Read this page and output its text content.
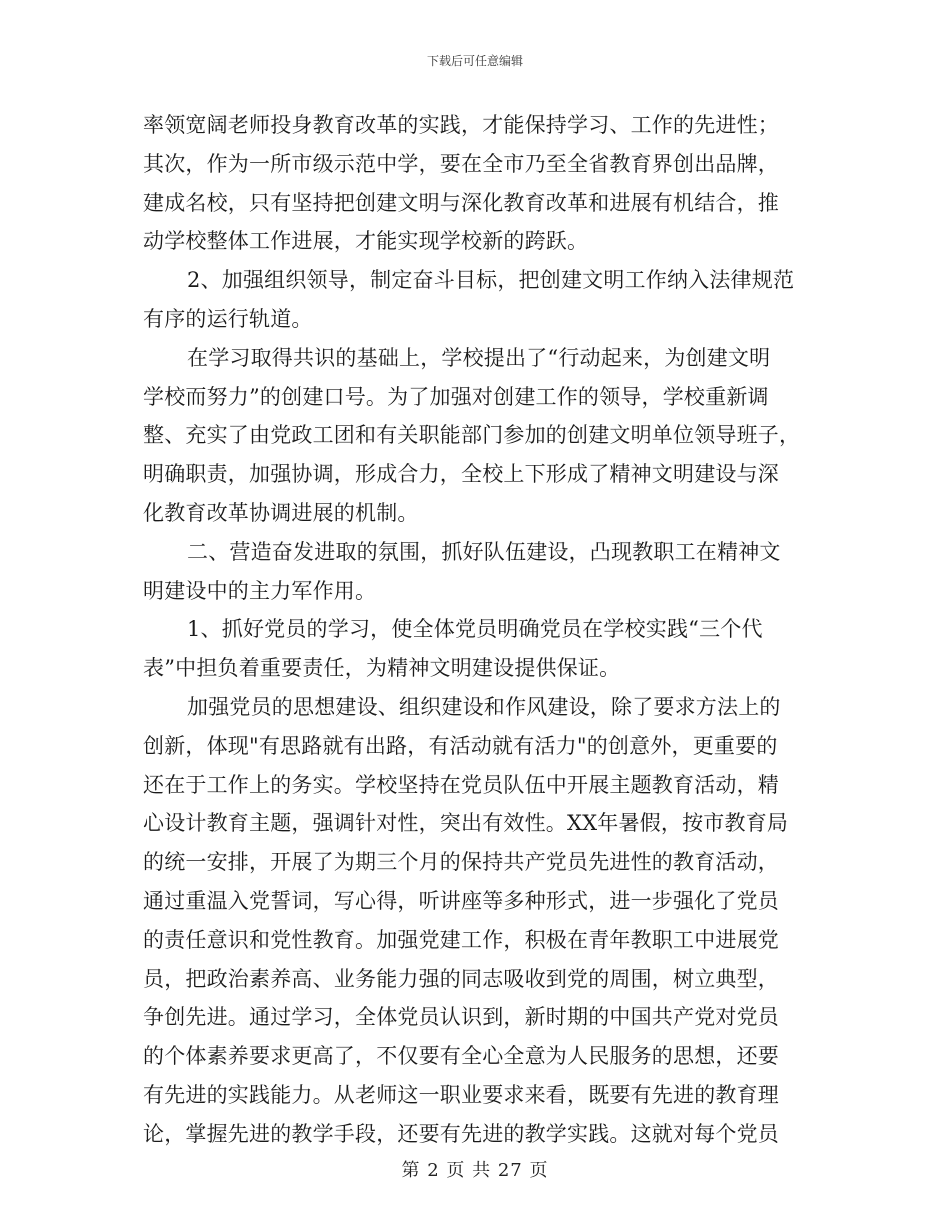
下载后可任意编辑
率领宽阔老师投身教育改革的实践，才能保持学习、工作的先进性；
其次，作为一所市级示范中学，要在全市乃至全省教育界创出品牌，
建成名校，只有坚持把创建文明与深化教育改革和进展有机结合，推
动学校整体工作进展，才能实现学校新的跨跃。
2、加强组织领导，制定奋斗目标，把创建文明工作纳入法律规范
有序的运行轨道。
在学习取得共识的基础上，学校提出了“行动起来，为创建文明
学校而努力”的创建口号。为了加强对创建工作的领导，学校重新调
整、充实了由党政工团和有关职能部门参加的创建文明单位领导班子，
明确职责，加强协调，形成合力，全校上下形成了精神文明建设与深
化教育改革协调进展的机制。
二、营造奋发进取的氛围，抓好队伍建设，凸现教职工在精神文
明建设中的主力军作用。
1、抓好党员的学习，使全体党员明确党员在学校实践“三个代
表”中担负着重要责任，为精神文明建设提供保证。
加强党员的思想建设、组织建设和作风建设，除了要求方法上的
创新，体现"有思路就有出路，有活动就有活力"的创意外，更重要的
还在于工作上的务实。学校坚持在党员队伍中开展主题教育活动，精
心设计教育主题，强调针对性，突出有效性。XX年暑假，按市教育局
的统一安排，开展了为期三个月的保持共产党员先进性的教育活动，
通过重温入党誓词，写心得，听讲座等多种形式，进一步强化了党员
的责任意识和党性教育。加强党建工作，积极在青年教职工中进展党
员，把政治素养高、业务能力强的同志吸收到党的周围，树立典型，
争创先进。通过学习，全体党员认识到，新时期的中国共产党对党员
的个体素养要求更高了，不仅要有全心全意为人民服务的思想，还要
有先进的实践能力。从老师这一职业要求来看，既要有先进的教育理
论，掌握先进的教学手段，还要有先进的教学实践。这就对每个党员
第 2 页 共 27 页
